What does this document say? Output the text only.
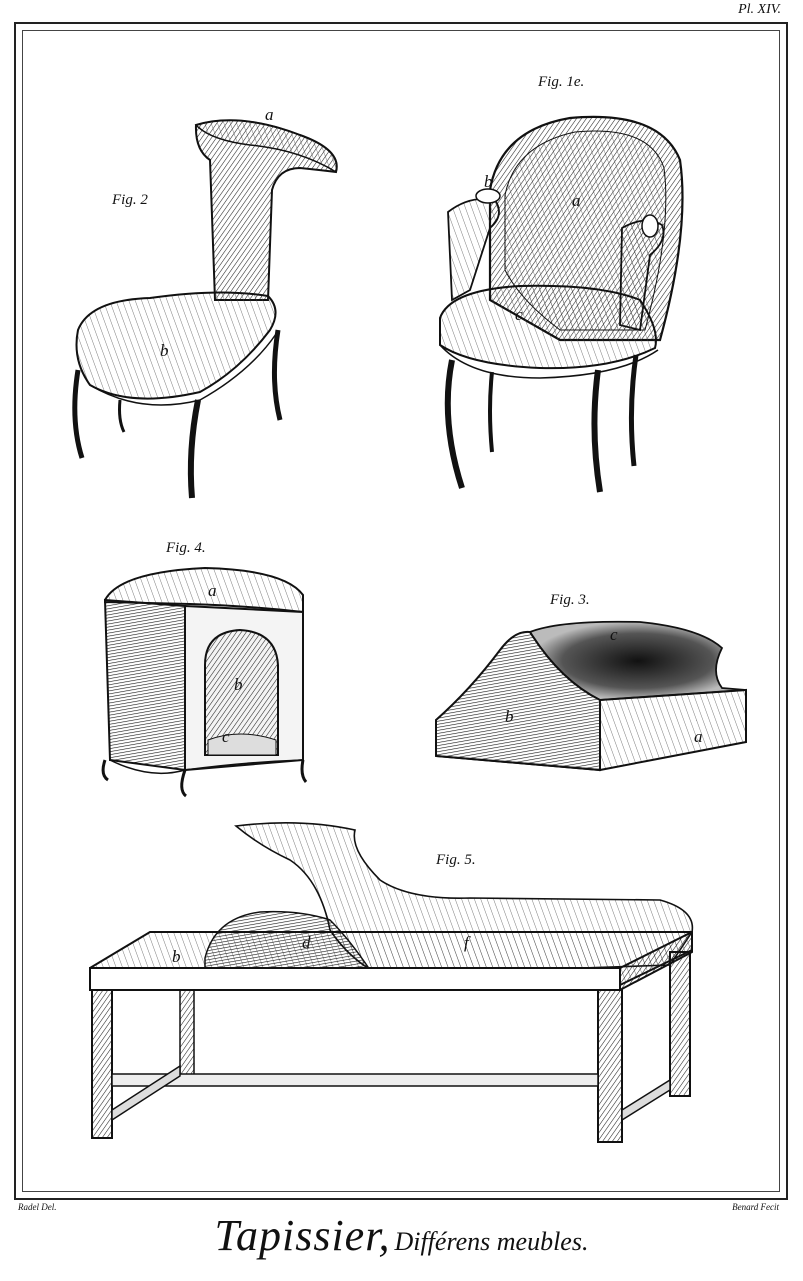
Pl. XIV.
Fig. 2
a
b
Fig. 1e.
a
b
c
Fig. 4.
a
b
c
Fig. 3.
c
b
a
Fig. 5.
b
d	f
Radel Del.	Benard Fecit
Tapissier, Différens meubles.
